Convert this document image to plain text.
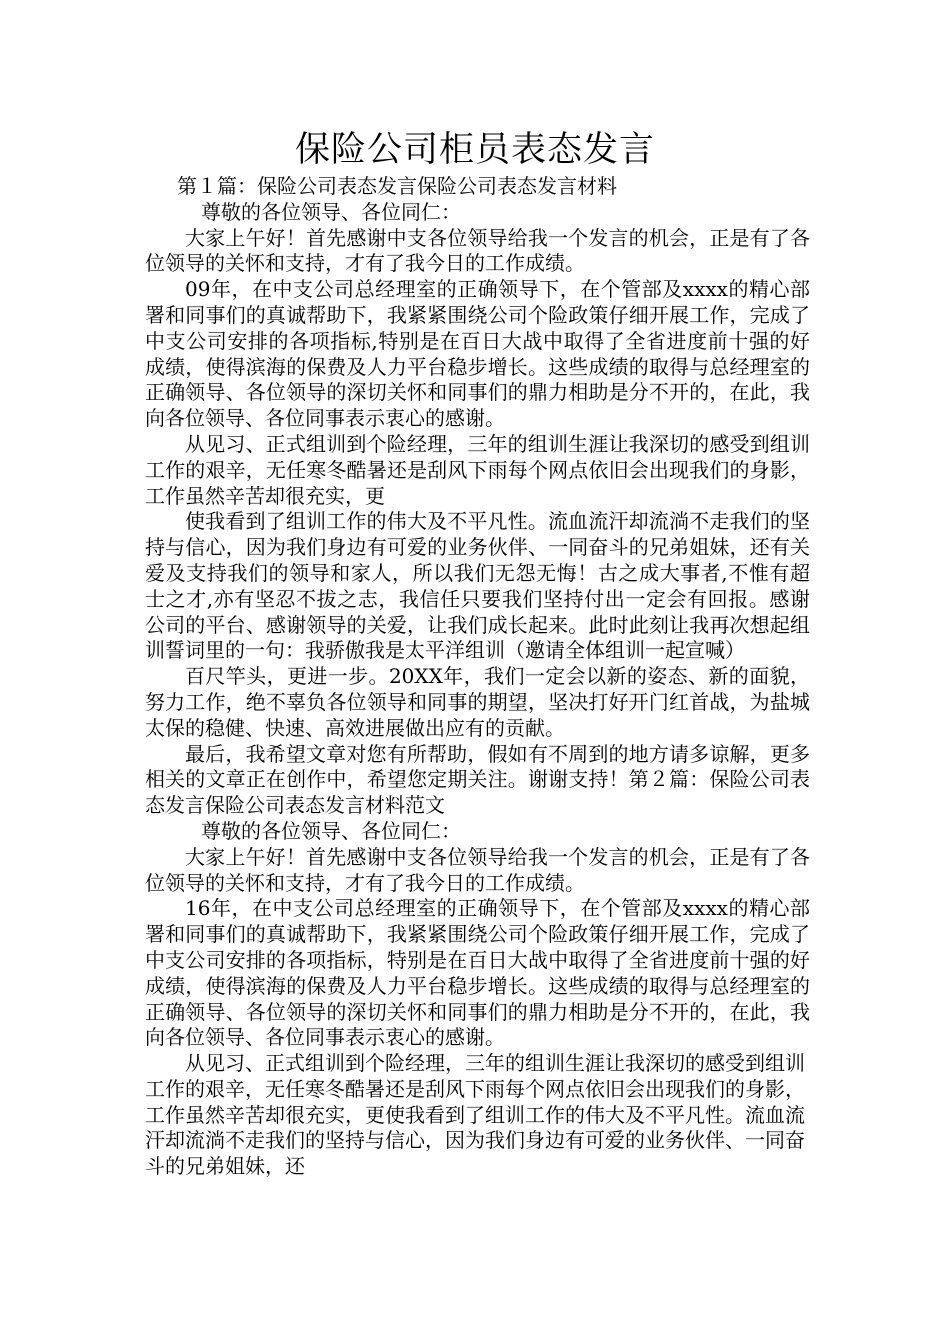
保险公司柜员表态发言

第１篇：保险公司表态发言保险公司表态发言材料

尊敬的各位领导、各位同仁：

大家上午好！首先感谢中支各位领导给我一个发言的机会，正是有了各位领导的关怀和支持，才有了我今日的工作成绩。

09年，在中支公司总经理室的正确领导下，在个管部及xxxx的精心部署和同事们的真诚帮助下，我紧紧围绕公司个险政策仔细开展工作，完成了中支公司安排的各项指标,特别是在百日大战中取得了全省进度前十强的好成绩，使得滨海的保费及人力平台稳步增长。这些成绩的取得与总经理室的正确领导、各位领导的深切关怀和同事们的鼎力相助是分不开的，在此，我向各位领导、各位同事表示衷心的感谢。

从见习、正式组训到个险经理，三年的组训生涯让我深切的感受到组训工作的艰辛，无任寒冬酷暑还是刮风下雨每个网点依旧会出现我们的身影，工作虽然辛苦却很充实，更

使我看到了组训工作的伟大及不平凡性。流血流汗却流淌不走我们的坚持与信心，因为我们身边有可爱的业务伙伴、一同奋斗的兄弟姐妹，还有关爱及支持我们的领导和家人，所以我们无怨无悔！古之成大事者,不惟有超士之才,亦有坚忍不拔之志，我信任只要我们坚持付出一定会有回报。感谢公司的平台、感谢领导的关爱，让我们成长起来。此时此刻让我再次想起组训誓词里的一句：我骄傲我是太平洋组训（邀请全体组训一起宣喊）

百尺竿头，更进一步。20XX年，我们一定会以新的姿态、新的面貌，努力工作，绝不辜负各位领导和同事的期望，坚决打好开门红首战，为盐城太保的稳健、快速、高效进展做出应有的贡献。

最后，我希望文章对您有所帮助，假如有不周到的地方请多谅解，更多相关的文章正在创作中，希望您定期关注。谢谢支持！第２篇：保险公司表态发言保险公司表态发言材料范文

尊敬的各位领导、各位同仁：

大家上午好！首先感谢中支各位领导给我一个发言的机会，正是有了各位领导的关怀和支持，才有了我今日的工作成绩。

16年，在中支公司总经理室的正确领导下，在个管部及xxxx的精心部署和同事们的真诚帮助下，我紧紧围绕公司个险政策仔细开展工作，完成了中支公司安排的各项指标，特别是在百日大战中取得了全省进度前十强的好成绩，使得滨海的保费及人力平台稳步增长。这些成绩的取得与总经理室的正确领导、各位领导的深切关怀和同事们的鼎力相助是分不开的，在此，我向各位领导、各位同事表示衷心的感谢。

从见习、正式组训到个险经理，三年的组训生涯让我深切的感受到组训工作的艰辛，无任寒冬酷暑还是刮风下雨每个网点依旧会出现我们的身影，工作虽然辛苦却很充实，更使我看到了组训工作的伟大及不平凡性。流血流汗却流淌不走我们的坚持与信心，因为我们身边有可爱的业务伙伴、一同奋斗的兄弟姐妹，还
